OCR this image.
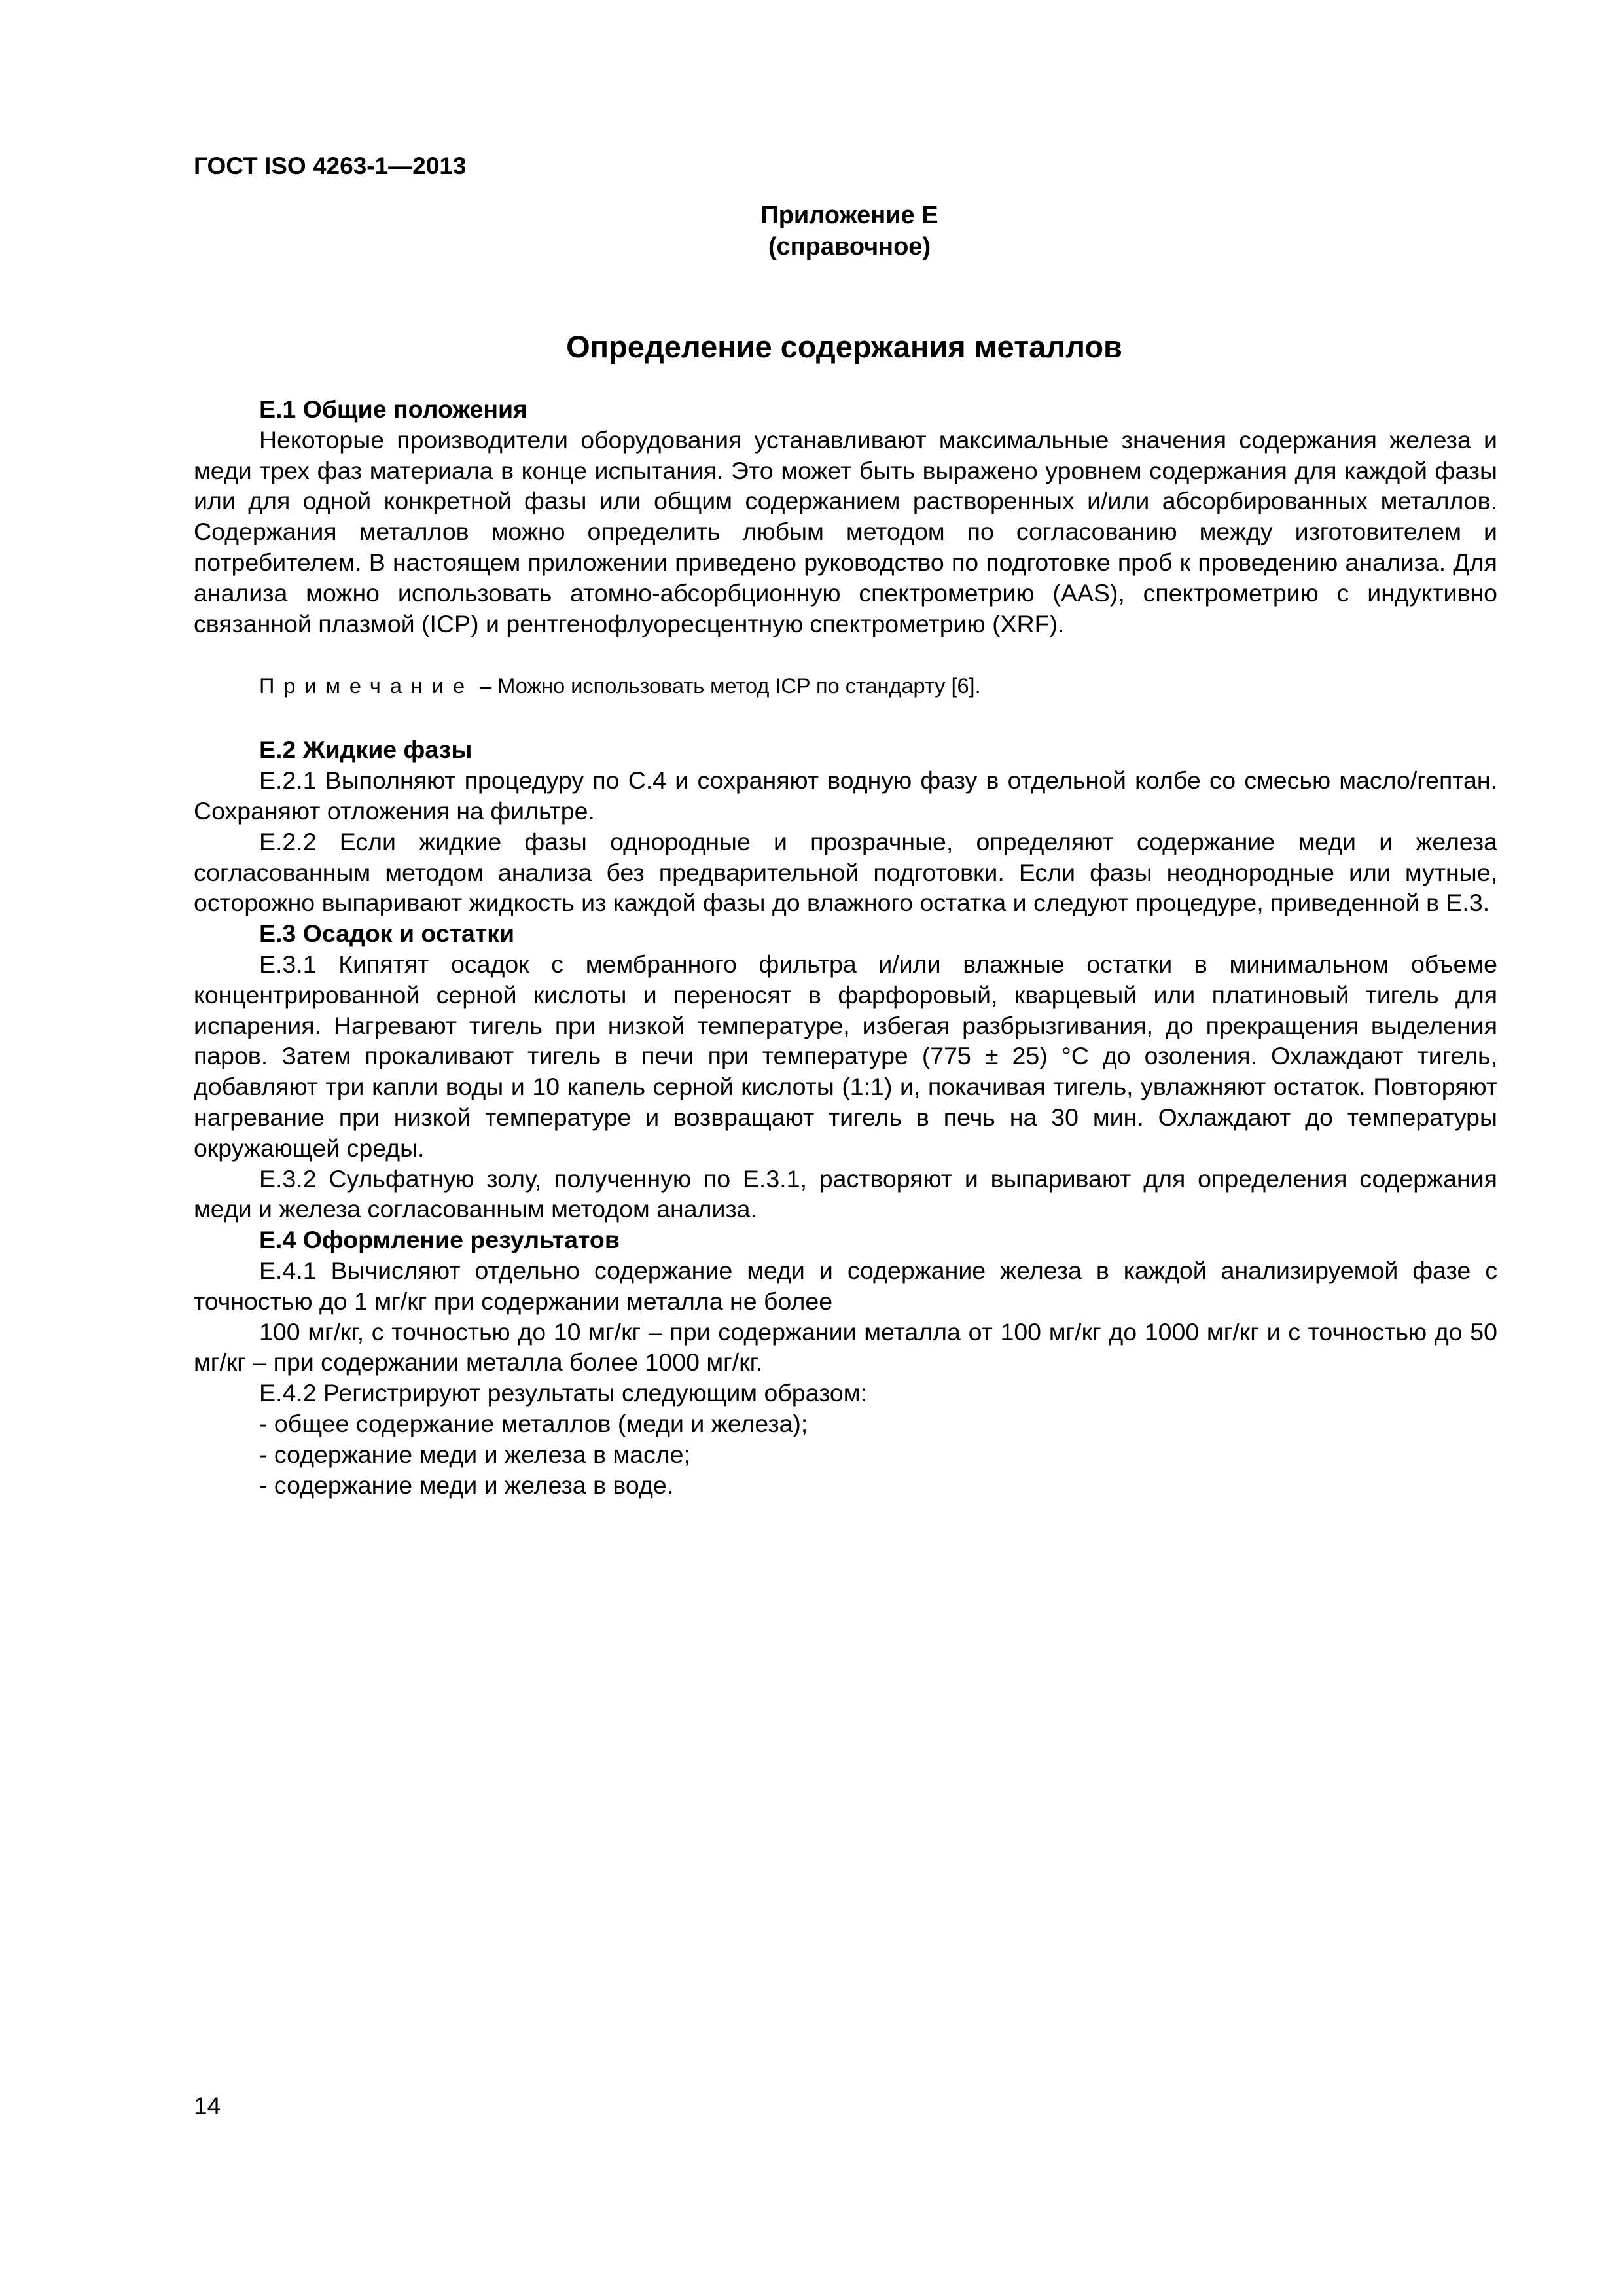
ГОСТ ISO 4263-1—2013
Приложение Е
(справочное)
Определение содержания металлов

Е.1 Общие положения

Некоторые производители оборудования устанавливают максимальные значения содержания железа и меди трех фаз материала в конце испытания. Это может быть выражено уровнем содержания для каждой фазы или для одной конкретной фазы или общим содержанием растворенных и/или абсорбированных металлов. Содержания металлов можно определить любым методом по согласованию между изготовителем и потребителем. В настоящем приложении приведено руководство по подготовке проб к проведению анализа. Для анализа можно использовать атомно-абсорбционную спектрометрию (AAS), спектрометрию с индуктивно связанной плазмой (ICP) и рентгенофлуоресцентную спектрометрию (XRF).

Примечание – Можно использовать метод ICP по стандарту [6].

Е.2 Жидкие фазы

Е.2.1 Выполняют процедуру по С.4 и сохраняют водную фазу в отдельной колбе со смесью масло/гептан. Сохраняют отложения на фильтре.

Е.2.2 Если жидкие фазы однородные и прозрачные, определяют содержание меди и железа согласованным методом анализа без предварительной подготовки. Если фазы неоднородные или мутные, осторожно выпаривают жидкость из каждой фазы до влажного остатка и следуют процедуре, приведенной в Е.3.

Е.3 Осадок и остатки

Е.3.1 Кипятят осадок с мембранного фильтра и/или влажные остатки в минимальном объеме концентрированной серной кислоты и переносят в фарфоровый, кварцевый или платиновый тигель для испарения. Нагревают тигель при низкой температуре, избегая разбрызгивания, до прекращения выделения паров. Затем прокаливают тигель в печи при температуре (775 ± 25) °С до озоления. Охлаждают тигель, добавляют три капли воды и 10 капель серной кислоты (1:1) и, покачивая тигель, увлажняют остаток. Повторяют нагревание при низкой температуре и возвращают тигель в печь на 30 мин. Охлаждают до температуры окружающей среды.

Е.3.2 Сульфатную золу, полученную по Е.3.1, растворяют и выпаривают для определения содержания меди и железа согласованным методом анализа.

Е.4 Оформление результатов

Е.4.1 Вычисляют отдельно содержание меди и содержание железа в каждой анализируемой фазе с точностью до 1 мг/кг при содержании металла не более

100 мг/кг, с точностью до 10 мг/кг – при содержании металла от 100 мг/кг до 1000 мг/кг и с точностью до 50 мг/кг – при содержании металла более 1000 мг/кг.

Е.4.2 Регистрируют результаты следующим образом:

- общее содержание металлов (меди и железа);

- содержание меди и железа в масле;

- содержание меди и железа в воде.

14
